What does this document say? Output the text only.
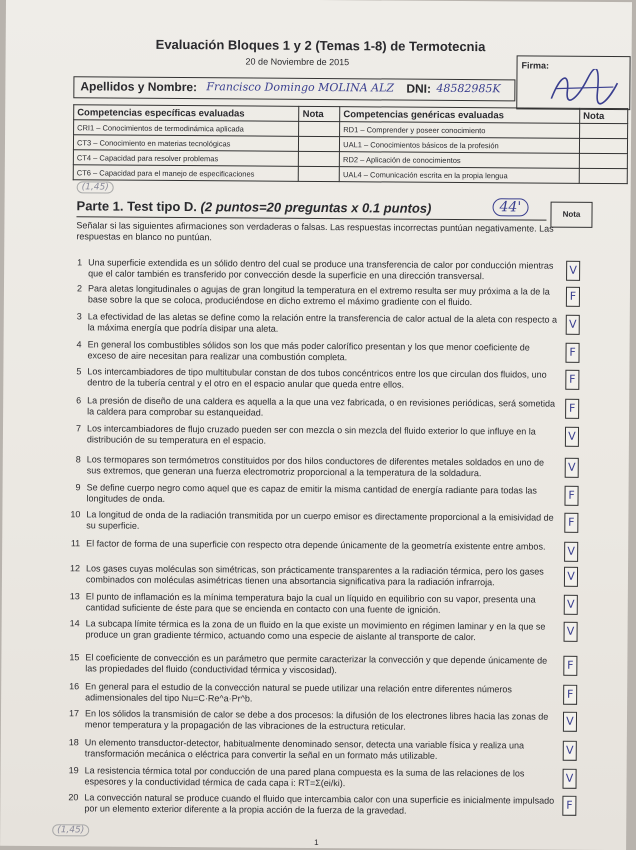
Evaluación Bloques 1 y 2 (Temas 1-8) de Termotecnia
20 de Noviembre de 2015	Firma:
Apellidos y Nombre: Francisco Domingo MOLINA ALZ DNI: 48582985K
Competencias específicas evaluadas	Nota	Competencias genéricas evaluadas	Nota
CRI1 – Conocimientos de termodinámica aplicada		RD1 – Comprender y poseer conocimiento	
CT3 – Conocimiento en materias tecnológicas		UAL1 – Conocimientos básicos de la profesión	
CT4 – Capacidad para resolver problemas		RD2 – Aplicación de conocimientos	
CT6 – Capacidad para el manejo de especificaciones		UAL4 – Comunicación escrita en la propia lengua	
(1,45)
Parte 1. Test tipo D. (2 puntos=20 preguntas x 0.1 puntos)	44'	Nota
Señalar si las siguientes afirmaciones son verdaderas o falsas. Las respuestas incorrectas puntúan negativamente. Las respuestas en blanco no puntúan.
1 Una superficie extendida es un sólido dentro del cual se produce una transferencia de calor por conducción mientras que el calor también es transferido por convección desde la superficie en una dirección transversal.	V
2 Para aletas longitudinales o agujas de gran longitud la temperatura en el extremo resulta ser muy próxima a la de la base sobre la que se coloca, produciéndose en dicho extremo el máximo gradiente con el fluido.	F
3 La efectividad de las aletas se define como la relación entre la transferencia de calor actual de la aleta con respecto a la máxima energía que podría disipar una aleta.	V
4 En general los combustibles sólidos son los que más poder calorífico presentan y los que menor coeficiente de exceso de aire necesitan para realizar una combustión completa.	F
5 Los intercambiadores de tipo multitubular constan de dos tubos concéntricos entre los que circulan dos fluidos, uno dentro de la tubería central y el otro en el espacio anular que queda entre ellos.	F
6 La presión de diseño de una caldera es aquella a la que una vez fabricada, o en revisiones periódicas, será sometida la caldera para comprobar su estanqueidad.	F
7 Los intercambiadores de flujo cruzado pueden ser con mezcla o sin mezcla del fluido exterior lo que influye en la distribución de su temperatura en el espacio.	V
8 Los termopares son termómetros constituidos por dos hilos conductores de diferentes metales soldados en uno de sus extremos, que generan una fuerza electromotriz proporcional a la temperatura de la soldadura.	V
9 Se define cuerpo negro como aquel que es capaz de emitir la misma cantidad de energía radiante para todas las longitudes de onda.	F
10 La longitud de onda de la radiación transmitida por un cuerpo emisor es directamente proporcional a la emisividad de su superficie.	F
11 El factor de forma de una superficie con respecto otra depende únicamente de la geometría existente entre ambos.	V
12 Los gases cuyas moléculas son simétricas, son prácticamente transparentes a la radiación térmica, pero los gases combinados con moléculas asimétricas tienen una absortancia significativa para la radiación infrarroja.	V
13 El punto de inflamación es la mínima temperatura bajo la cual un líquido en equilibrio con su vapor, presenta una cantidad suficiente de éste para que se encienda en contacto con una fuente de ignición.	V
14 La subcapa límite térmica es la zona de un fluido en la que existe un movimiento en régimen laminar y en la que se produce un gran gradiente térmico, actuando como una especie de aislante al transporte de calor.	V
15 El coeficiente de convección es un parámetro que permite caracterizar la convección y que depende únicamente de las propiedades del fluido (conductividad térmica y viscosidad).	F
16 En general para el estudio de la convección natural se puede utilizar una relación entre diferentes números adimensionales del tipo Nu=C·Re^a·Pr^b.	F
17 En los sólidos la transmisión de calor se debe a dos procesos: la difusión de los electrones libres hacia las zonas de menor temperatura y la propagación de las vibraciones de la estructura reticular.	V
18 Un elemento transductor-detector, habitualmente denominado sensor, detecta una variable física y realiza una transformación mecánica o eléctrica para convertir la señal en un formato más utilizable.	V
19 La resistencia térmica total por conducción de una pared plana compuesta es la suma de las relaciones de los espesores y la conductividad térmica de cada capa i: RT=Σ(ei/ki).	V
20 La convección natural se produce cuando el fluido que intercambia calor con una superficie es inicialmente impulsado por un elemento exterior diferente a la propia acción de la fuerza de la gravedad.	F
(1,45)
1
